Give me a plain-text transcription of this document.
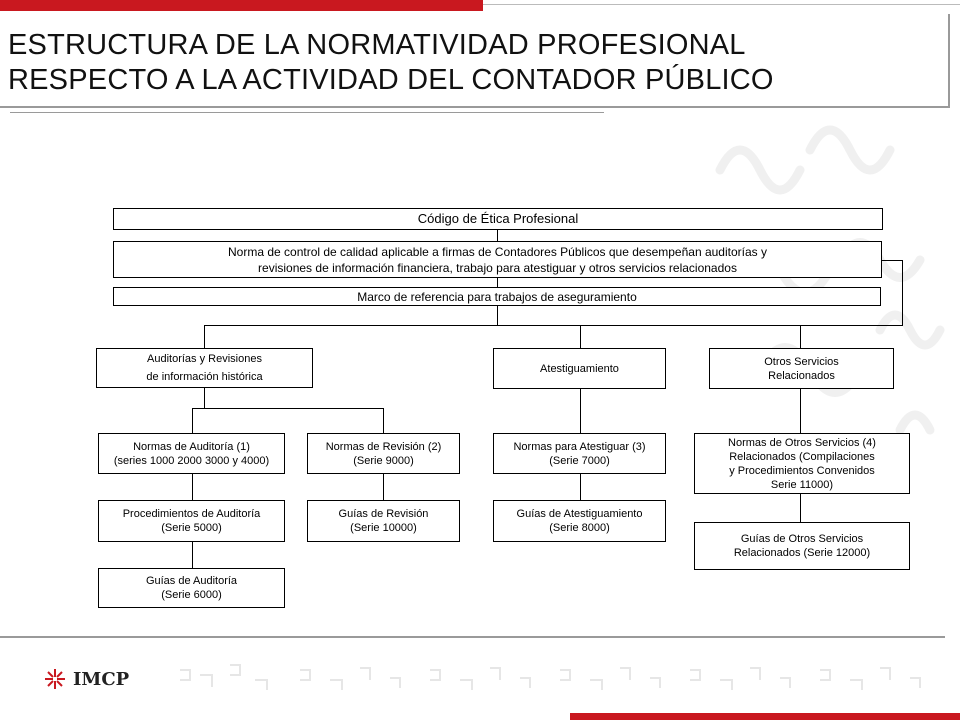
ESTRUCTURA DE LA NORMATIVIDAD PROFESIONAL
RESPECTO A LA ACTIVIDAD DEL CONTADOR PÚBLICO
Código de Ética Profesional
Norma de control de calidad aplicable a firmas de Contadores Públicos que desempeñan auditorías y
revisiones de información financiera, trabajo para atestiguar y otros servicios relacionados
Marco de referencia para trabajos de aseguramiento
Auditorías y Revisiones
de información histórica
Atestiguamiento
Otros Servicios
Relacionados
Normas de Auditoría (1)
(series 1000 2000 3000 y 4000)
Normas de Revisión (2)
(Serie 9000)
Normas para Atestiguar (3)
(Serie 7000)
Normas de Otros Servicios (4)
Relacionados (Compilaciones
y Procedimientos Convenidos
Serie 11000)
Procedimientos de Auditoría
(Serie 5000)
Guías de Revisión
(Serie 10000)
Guías de Atestiguamiento
(Serie 8000)
Guías de Otros Servicios
Relacionados (Serie 12000)
Guías de Auditoría
(Serie 6000)
IMCP
